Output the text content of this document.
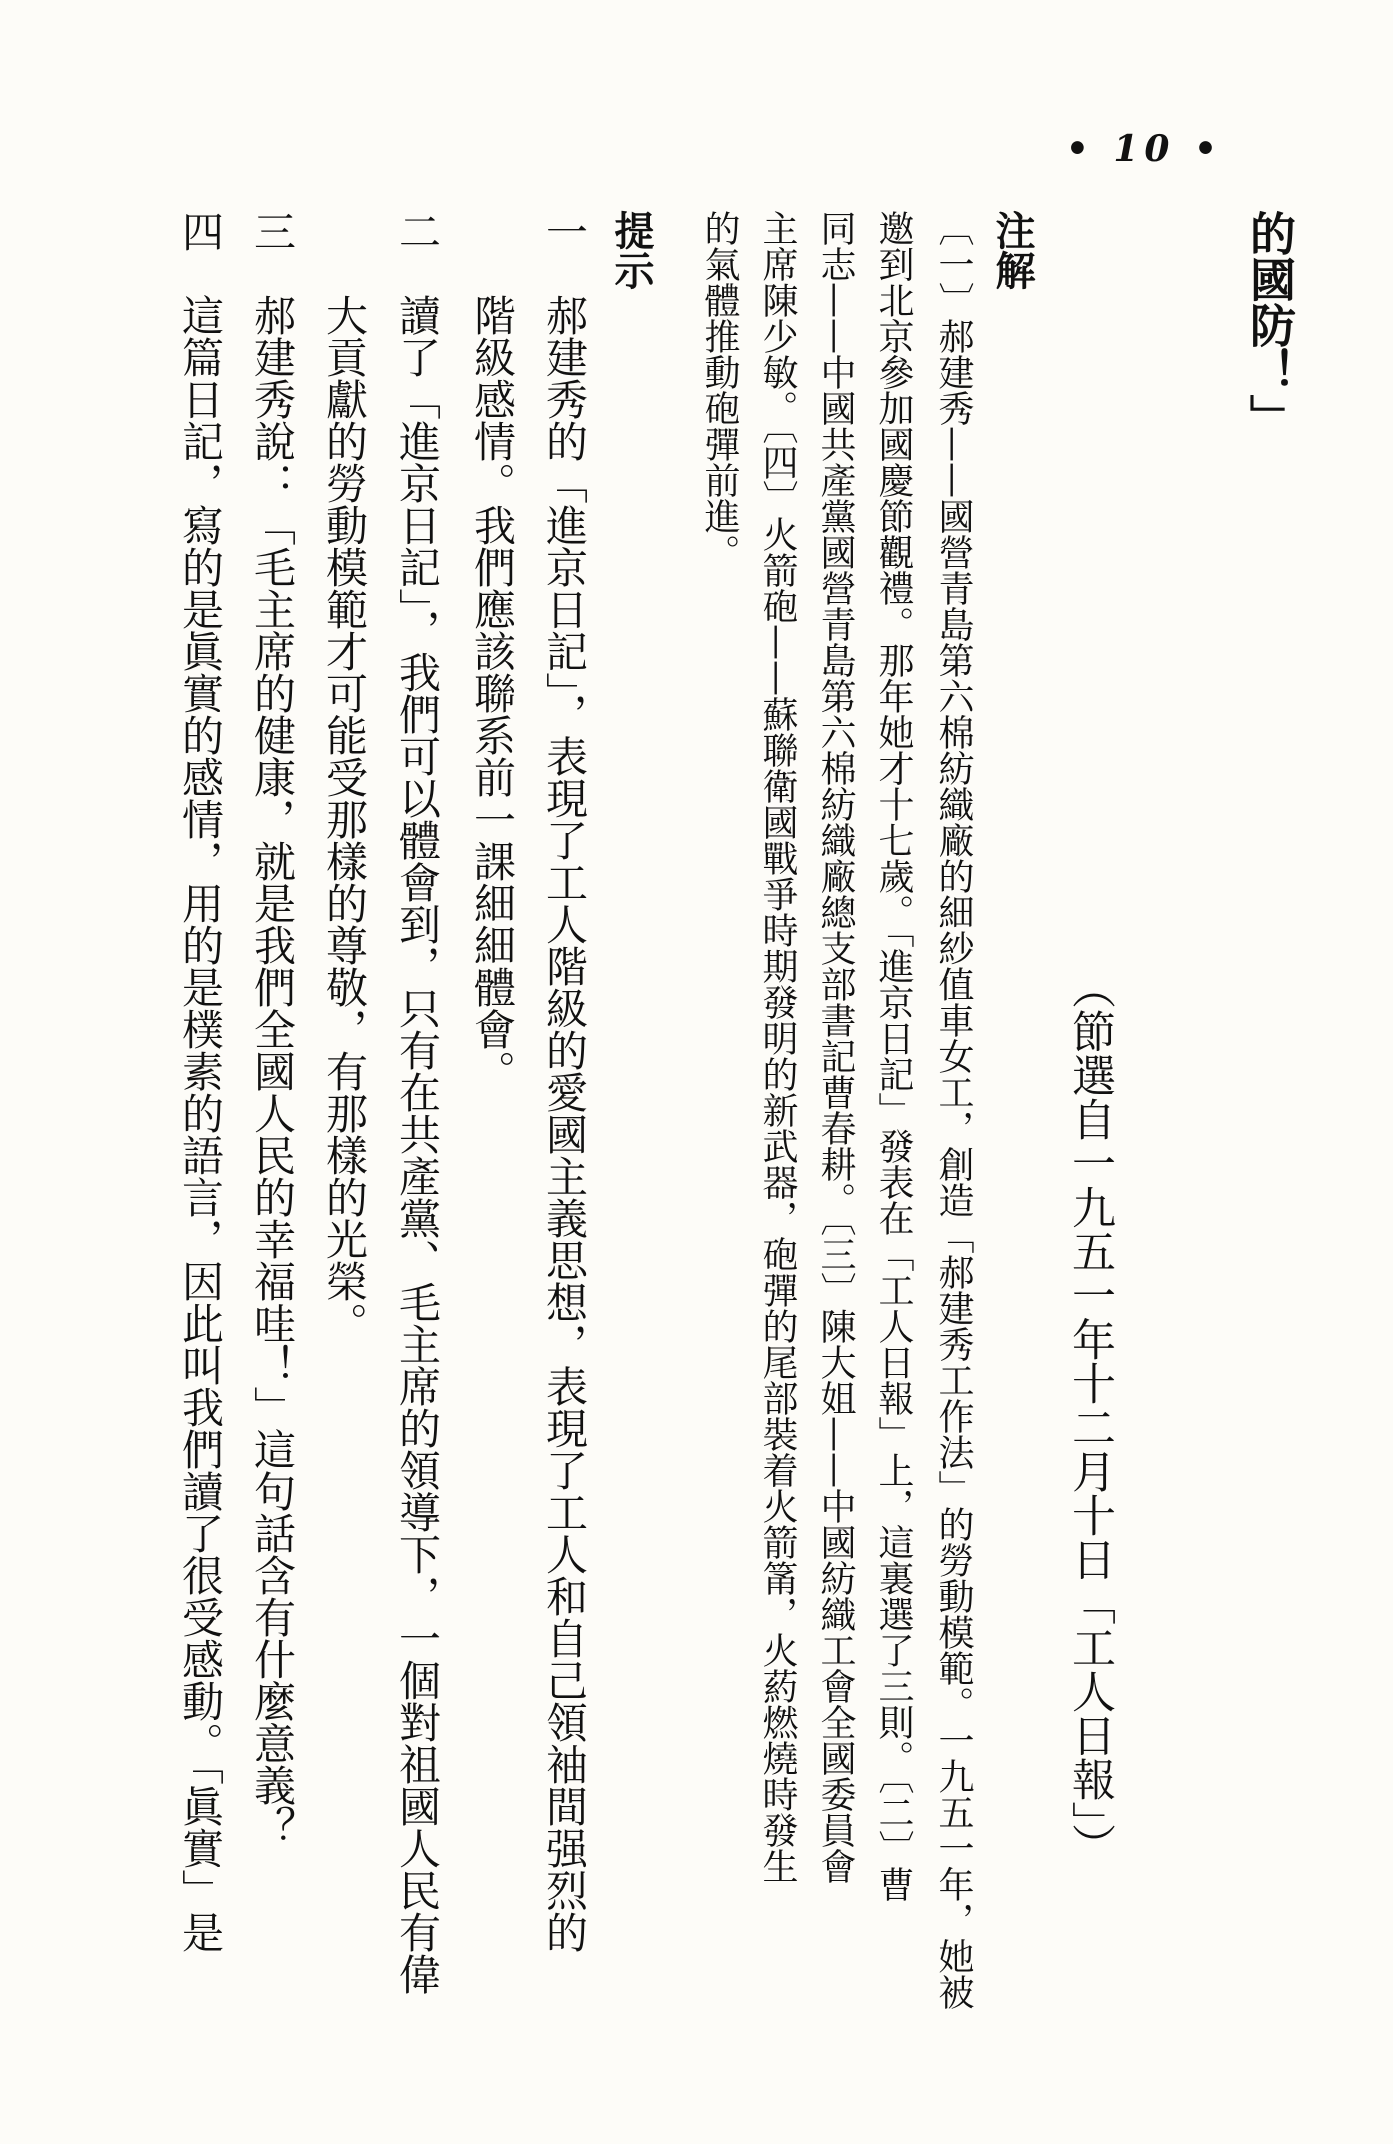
• 10 •
的國防！」
（節選自一九五一年十二月十日「工人日報」）
注解
〔一〕郝建秀——國營青島第六棉紡織廠的細紗值車女工，創造「郝建秀工作法」的勞動模範。一九五一年，她被
邀到北京參加國慶節觀禮。那年她才十七歲。「進京日記」發表在「工人日報」上，這裏選了三則。〔二〕曹
同志——中國共產黨國營青島第六棉紡織廠總支部書記曹春耕。〔三〕陳大姐——中國紡織工會全國委員會
主席陳少敏。〔四〕火箭砲——蘇聯衛國戰爭時期發明的新武器，砲彈的尾部裝着火箭筩，火葯燃燒時發生
的氣體推動砲彈前進。
提示
一　郝建秀的「進京日記」，表現了工人階級的愛國主義思想，表現了工人和自己領袖間强烈的
　　階級感情。我們應該聯系前一課細細體會。
二　讀了「進京日記」，我們可以體會到，只有在共產黨、毛主席的領導下，一個對祖國人民有偉
　　大貢獻的勞動模範才可能受那樣的尊敬，有那樣的光榮。
三　郝建秀說：「毛主席的健康，就是我們全國人民的幸福哇！」這句話含有什麼意義？
四　這篇日記，寫的是眞實的感情，用的是樸素的語言，因此叫我們讀了很受感動。「眞實」是
